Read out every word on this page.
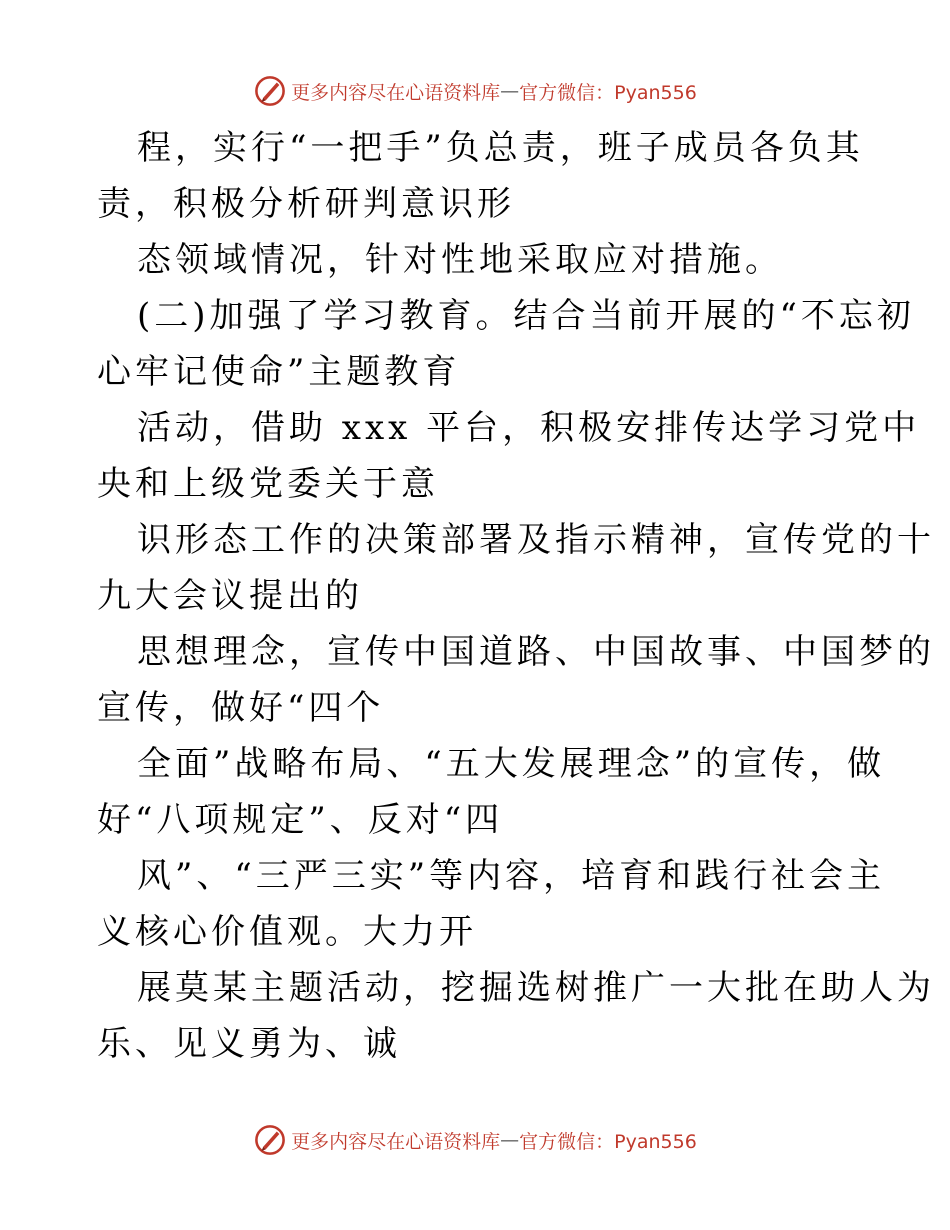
更多内容尽在心语资料库 — 官方微信：Pyan556
程，实行“一把手”负总责，班子成员各负其
责，积极分析研判意识形
态领域情况，针对性地采取应对措施。
(二)加强了学习教育。结合当前开展的“不忘初
心牢记使命”主题教育
活动，借助 xxx 平台，积极安排传达学习党中
央和上级党委关于意
识形态工作的决策部署及指示精神，宣传党的十
九大会议提出的
思想理念，宣传中国道路、中国故事、中国梦的
宣传，做好“四个
全面”战略布局、“五大发展理念”的宣传，做
好“八项规定”、反对“四
风”、“三严三实”等内容，培育和践行社会主
义核心价值观。大力开
展莫某主题活动，挖掘选树推广一大批在助人为
乐、见义勇为、诚
更多内容尽在心语资料库 — 官方微信：Pyan556
